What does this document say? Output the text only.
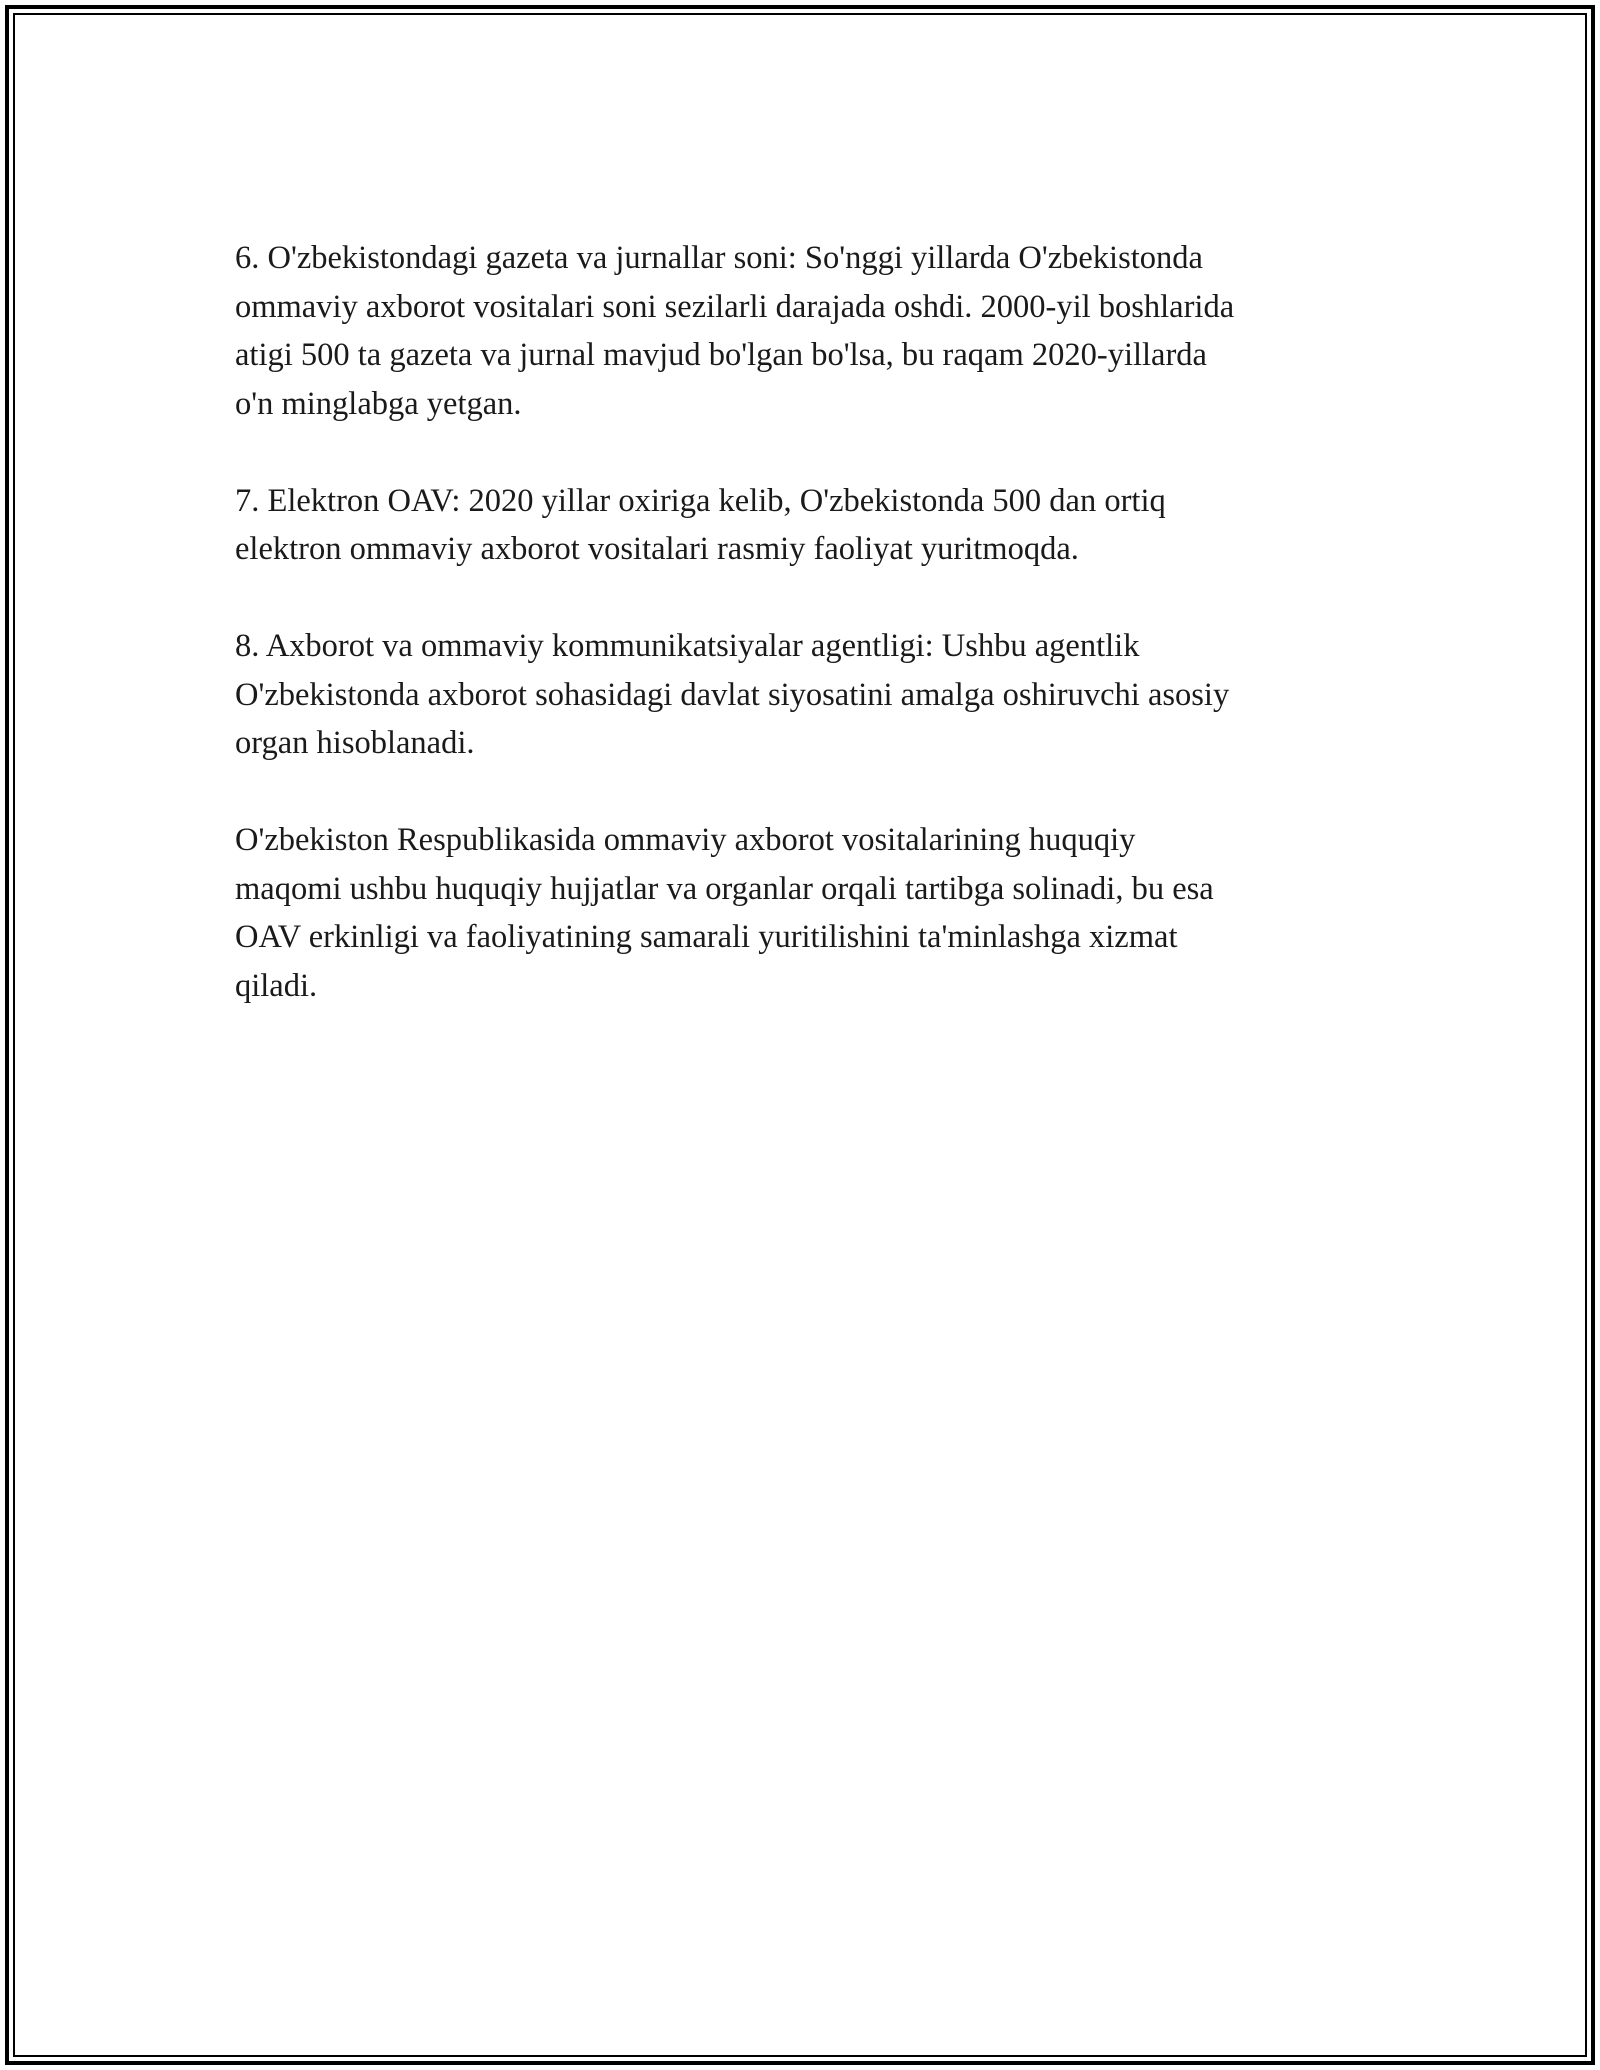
6. O'zbekistondagi gazeta va jurnallar soni: So'nggi yillarda O'zbekistonda
ommaviy axborot vositalari soni sezilarli darajada oshdi. 2000-yil boshlarida
atigi 500 ta gazeta va jurnal mavjud bo'lgan bo'lsa, bu raqam 2020-yillarda
o'n minglabga yetgan.

7. Elektron OAV: 2020 yillar oxiriga kelib, O'zbekistonda 500 dan ortiq
elektron ommaviy axborot vositalari rasmiy faoliyat yuritmoqda.

8. Axborot va ommaviy kommunikatsiyalar agentligi: Ushbu agentlik
O'zbekistonda axborot sohasidagi davlat siyosatini amalga oshiruvchi asosiy
organ hisoblanadi.

O'zbekiston Respublikasida ommaviy axborot vositalarining huquqiy
maqomi ushbu huquqiy hujjatlar va organlar orqali tartibga solinadi, bu esa
OAV erkinligi va faoliyatining samarali yuritilishini ta'minlashga xizmat
qiladi.
